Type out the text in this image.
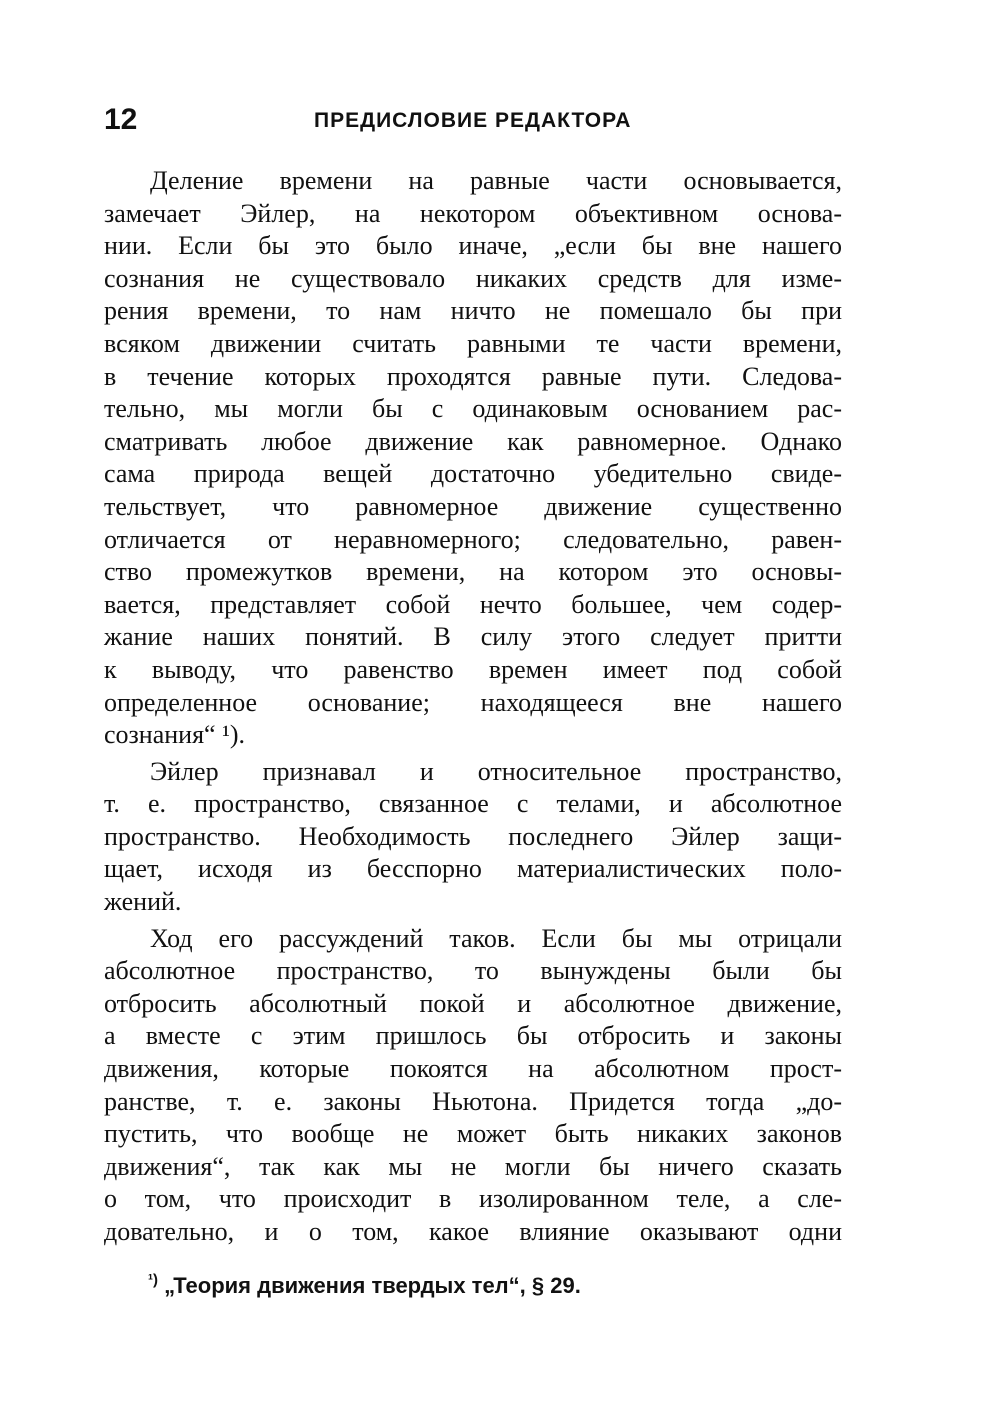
12	ПРЕДИСЛОВИЕ РЕДАКТОРА
Деление времени на равные части основывается,
замечает Эйлер, на некотором объективном основа-
нии. Если бы это было иначе, „если бы вне нашего
сознания не существовало никаких средств для изме-
рения времени, то нам ничто не помешало бы при
всяком движении считать равными те части времени,
в течение которых проходятся равные пути. Следова-
тельно, мы могли бы с одинаковым основанием рас-
сматривать любое движение как равномерное. Однако
сама природа вещей достаточно убедительно свиде-
тельствует, что равномерное движение существенно
отличается от неравномерного; следовательно, равен-
ство промежутков времени, на котором это основы-
вается, представляет собой нечто большее, чем содер-
жание наших понятий. В силу этого следует притти
к выводу, что равенство времен имеет под собой
определенное основание; находящееся вне нашего
сознания“ ¹).
Эйлер признавал и относительное пространство,
т. е. пространство, связанное с телами, и абсолютное
пространство. Необходимость последнего Эйлер защи-
щает, исходя из бесспорно материалистических поло-
жений.
Ход его рассуждений таков. Если бы мы отрицали
абсолютное пространство, то вынуждены были бы
отбросить абсолютный покой и абсолютное движение,
а вместе с этим пришлось бы отбросить и законы
движения, которые покоятся на абсолютном прост-
ранстве, т. е. законы Ньютона. Придется тогда „до-
пустить, что вообще не может быть никаких законов
движения“, так как мы не могли бы ничего сказать
о том, что происходит в изолированном теле, а сле-
довательно, и о том, какое влияние оказывают одни
$^{^1)}$ „Теория движения твердых тел“, § 29.
